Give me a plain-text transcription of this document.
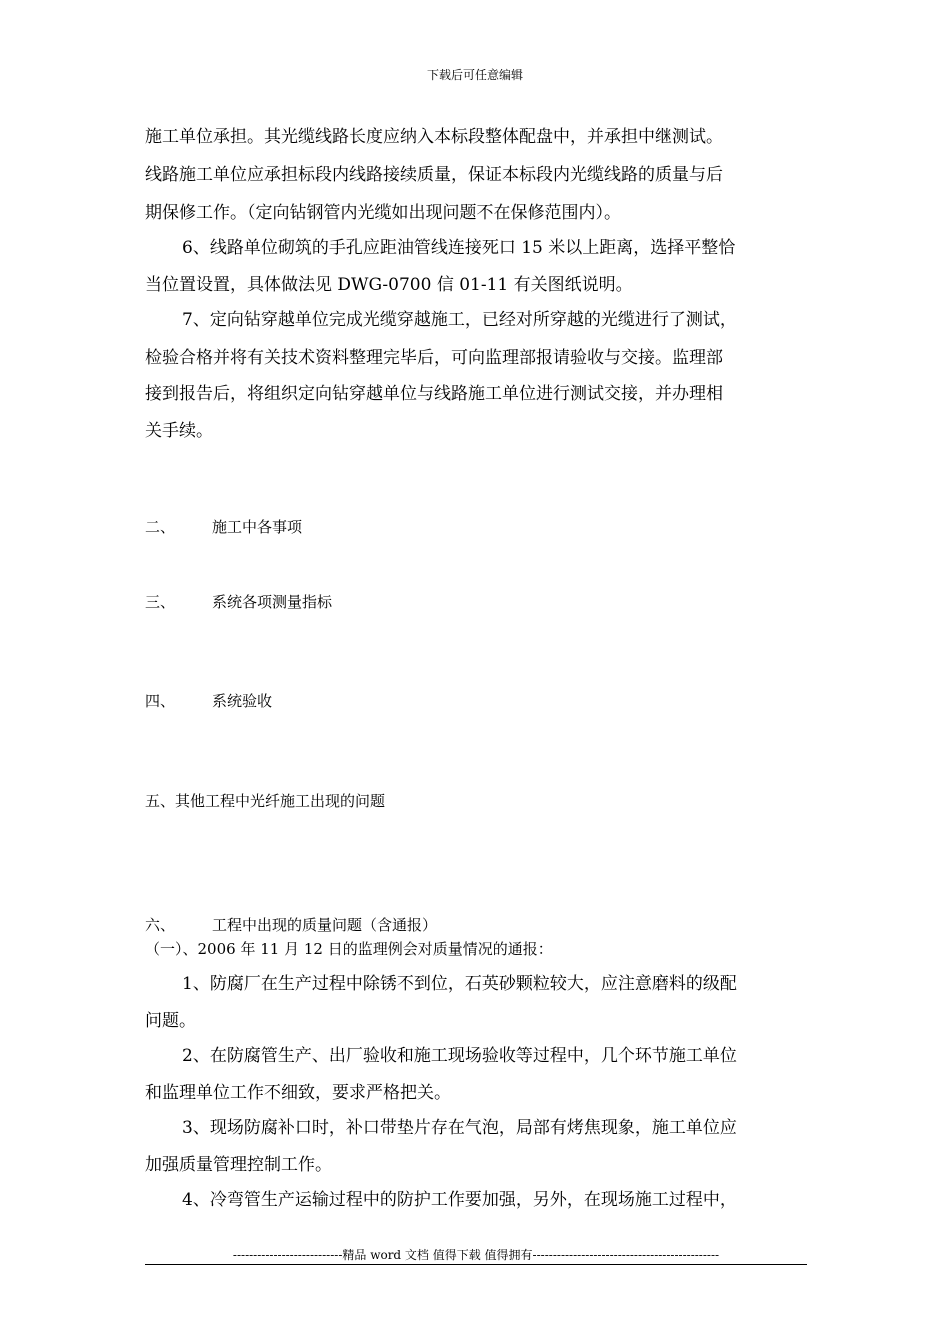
下载后可任意编辑
施工单位承担。其光缆线路长度应纳入本标段整体配盘中，并承担中继测试。
线路施工单位应承担标段内线路接续质量，保证本标段内光缆线路的质量与后
期保修工作。（定向钻钢管内光缆如出现问题不在保修范围内）。
6、线路单位砌筑的手孔应距油管线连接死口 15 米以上距离，选择平整恰
当位置设置，具体做法见 DWG-0700 信 01-11 有关图纸说明。
7、定向钻穿越单位完成光缆穿越施工，已经对所穿越的光缆进行了测试，
检验合格并将有关技术资料整理完毕后，可向监理部报请验收与交接。监理部
接到报告后，将组织定向钻穿越单位与线路施工单位进行测试交接，并办理相
关手续。
二、 施工中各事项
三、 系统各项测量指标
四、 系统验收
五、其他工程中光纤施工出现的问题
六、 工程中出现的质量问题（含通报）
（一）、2006 年 11 月 12 日的监理例会对质量情况的通报：
1、防腐厂在生产过程中除锈不到位，石英砂颗粒较大，应注意磨料的级配
问题。
2、在防腐管生产、出厂验收和施工现场验收等过程中，几个环节施工单位
和监理单位工作不细致，要求严格把关。
3、现场防腐补口时，补口带垫片存在气泡，局部有烤焦现象，施工单位应
加强质量管理控制工作。
4、冷弯管生产运输过程中的防护工作要加强，另外，在现场施工过程中，
---------------------------精品 word 文档 值得下载 值得拥有----------------------------------------------
